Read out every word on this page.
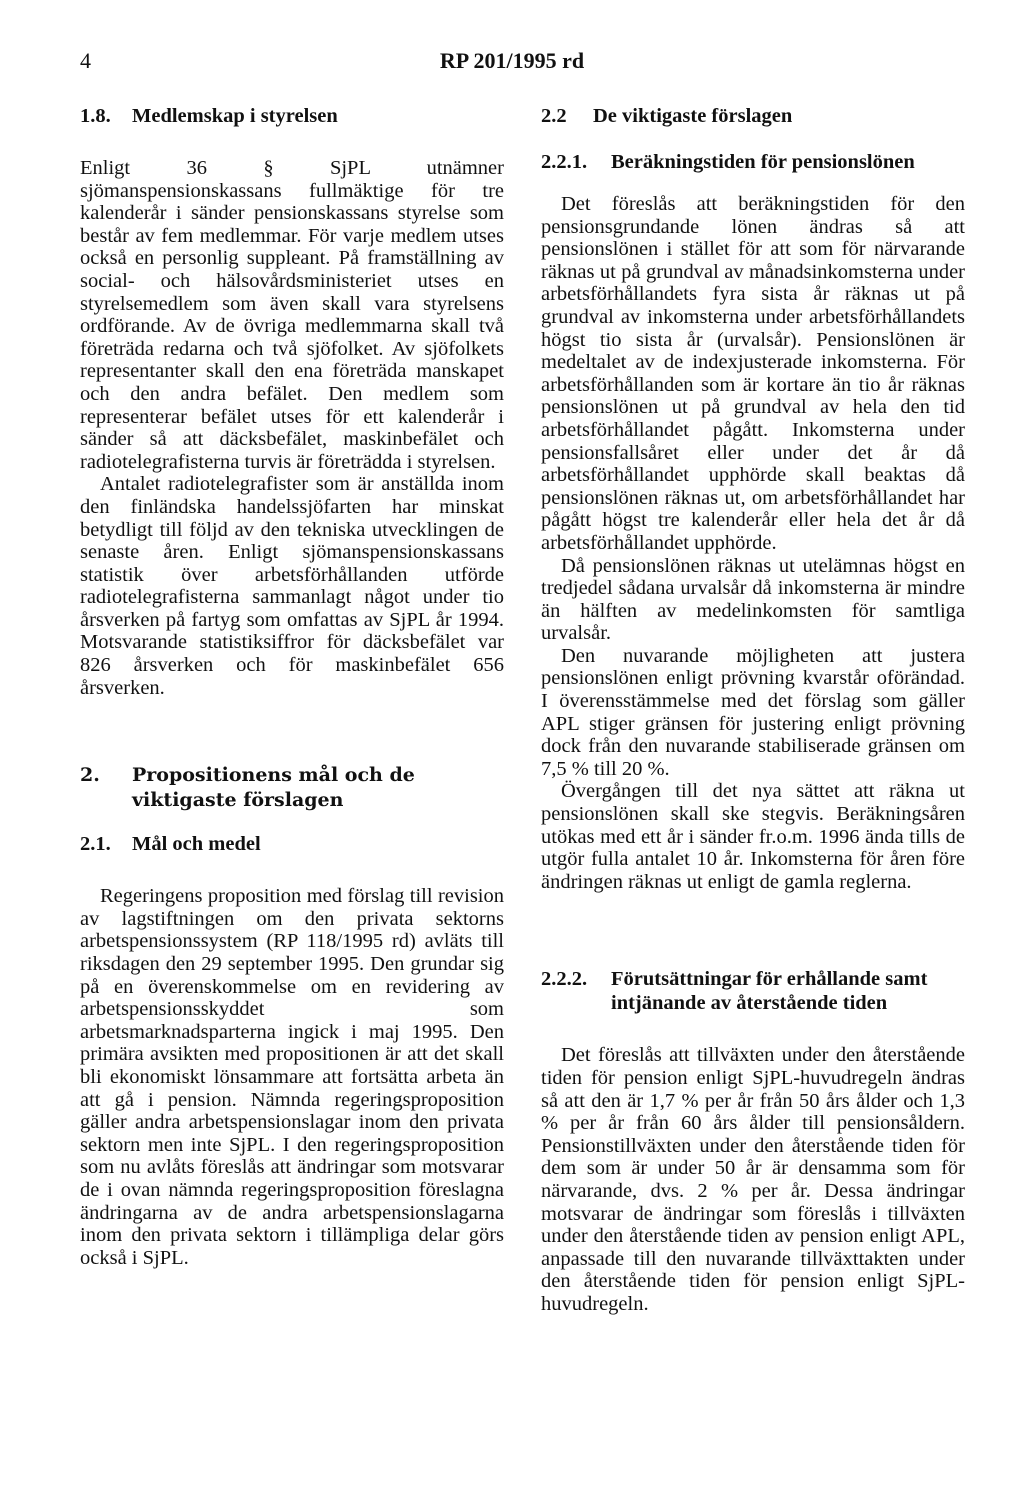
4	RP 201/1995 rd
1.8.	Medlemskap i styrelsen

Enligt 36 § SjPL utnämner sjömanspensionskassans fullmäktige för tre kalenderår i sänder pensionskassans styrelse som består av fem medlemmar. För varje medlem utses också en personlig suppleant. På framställning av social- och hälsovårdsministeriet utses en styrelsemedlem som även skall vara styrelsens ordförande. Av de övriga medlemmarna skall två företräda redarna och två sjöfolket. Av sjöfolkets representanter skall den ena företräda manskapet och den andra befälet. Den medlem som representerar befälet utses för ett kalenderår i sänder så att däcksbefälet, maskinbefälet och radiotelegrafisterna turvis är företrädda i styrelsen.

Antalet radiotelegrafister som är anställda inom den finländska handelssjöfarten har minskat betydligt till följd av den tekniska utvecklingen de senaste åren. Enligt sjömanspensionskassans statistik över arbetsförhållanden utförde radiotelegrafisterna sammanlagt något under tio årsverken på fartyg som omfattas av SjPL år 1994. Motsvarande statistiksiffror för däcksbefälet var 826 årsverken och för maskinbefälet 656 årsverken.

2.	Propositionens mål och de viktigaste förslagen
2.1.	Mål och medel

Regeringens proposition med förslag till revision av lagstiftningen om den privata sektorns arbetspensionssystem (RP 118/1995 rd) avläts till riksdagen den 29 september 1995. Den grundar sig på en överenskommelse om en revidering av arbetspensionsskyddet som arbetsmarknadsparterna ingick i maj 1995. Den primära avsikten med propositionen är att det skall bli ekonomiskt lönsammare att fortsätta arbeta än att gå i pension. Nämnda regeringsproposition gäller andra arbetspensionslagar inom den privata sektorn men inte SjPL. I den regeringsproposition som nu avlåts föreslås att ändringar som motsvarar de i ovan nämnda regeringsproposition föreslagna ändringarna av de andra arbetspensionslagarna inom den privata sektorn i tillämpliga delar görs också i SjPL.

2.2	De viktigaste förslagen
2.2.1.	Beräkningstiden för pensionslönen

Det föreslås att beräkningstiden för den pensionsgrundande lönen ändras så att pensionslönen i stället för att som för närvarande räknas ut på grundval av månadsinkomsterna under arbetsförhållandets fyra sista år räknas ut på grundval av inkomsterna under arbetsförhållandets högst tio sista år (urvalsår). Pensionslönen är medeltalet av de indexjusterade inkomsterna. För arbetsförhållanden som är kortare än tio år räknas pensionslönen ut på grundval av hela den tid arbetsförhållandet pågått. Inkomsterna under pensionsfallsåret eller under det år då arbetsförhållandet upphörde skall beaktas då pensionslönen räknas ut, om arbetsförhållandet har pågått högst tre kalenderår eller hela det år då arbetsförhållandet upphörde.

Då pensionslönen räknas ut utelämnas högst en tredjedel sådana urvalsår då inkomsterna är mindre än hälften av medelinkomsten för samtliga urvalsår.

Den nuvarande möjligheten att justera pensionslönen enligt prövning kvarstår oförändad. I överensstämmelse med det förslag som gäller APL stiger gränsen för justering enligt prövning dock från den nuvarande stabiliserade gränsen om 7,5 % till 20 %.

Övergången till det nya sättet att räkna ut pensionslönen skall ske stegvis. Beräkningsåren utökas med ett år i sänder fr.o.m. 1996 ända tills de utgör fulla antalet 10 år. Inkomsterna för åren före ändringen räknas ut enligt de gamla reglerna.

2.2.2.	Förutsättningar för erhållande samt intjänande av återstående tiden

Det föreslås att tillväxten under den återstående tiden för pension enligt SjPL-huvudregeln ändras så att den är 1,7 % per år från 50 års ålder och 1,3 % per år från 60 års ålder till pensionsåldern. Pensionstillväxten under den återstående tiden för dem som är under 50 år är densamma som för närvarande, dvs. 2 % per år. Dessa ändringar motsvarar de ändringar som föreslås i tillväxten under den återstående tiden av pension enligt APL, anpassade till den nuvarande tillväxttakten under den återstående tiden för pension enligt SjPL-huvudregeln.
